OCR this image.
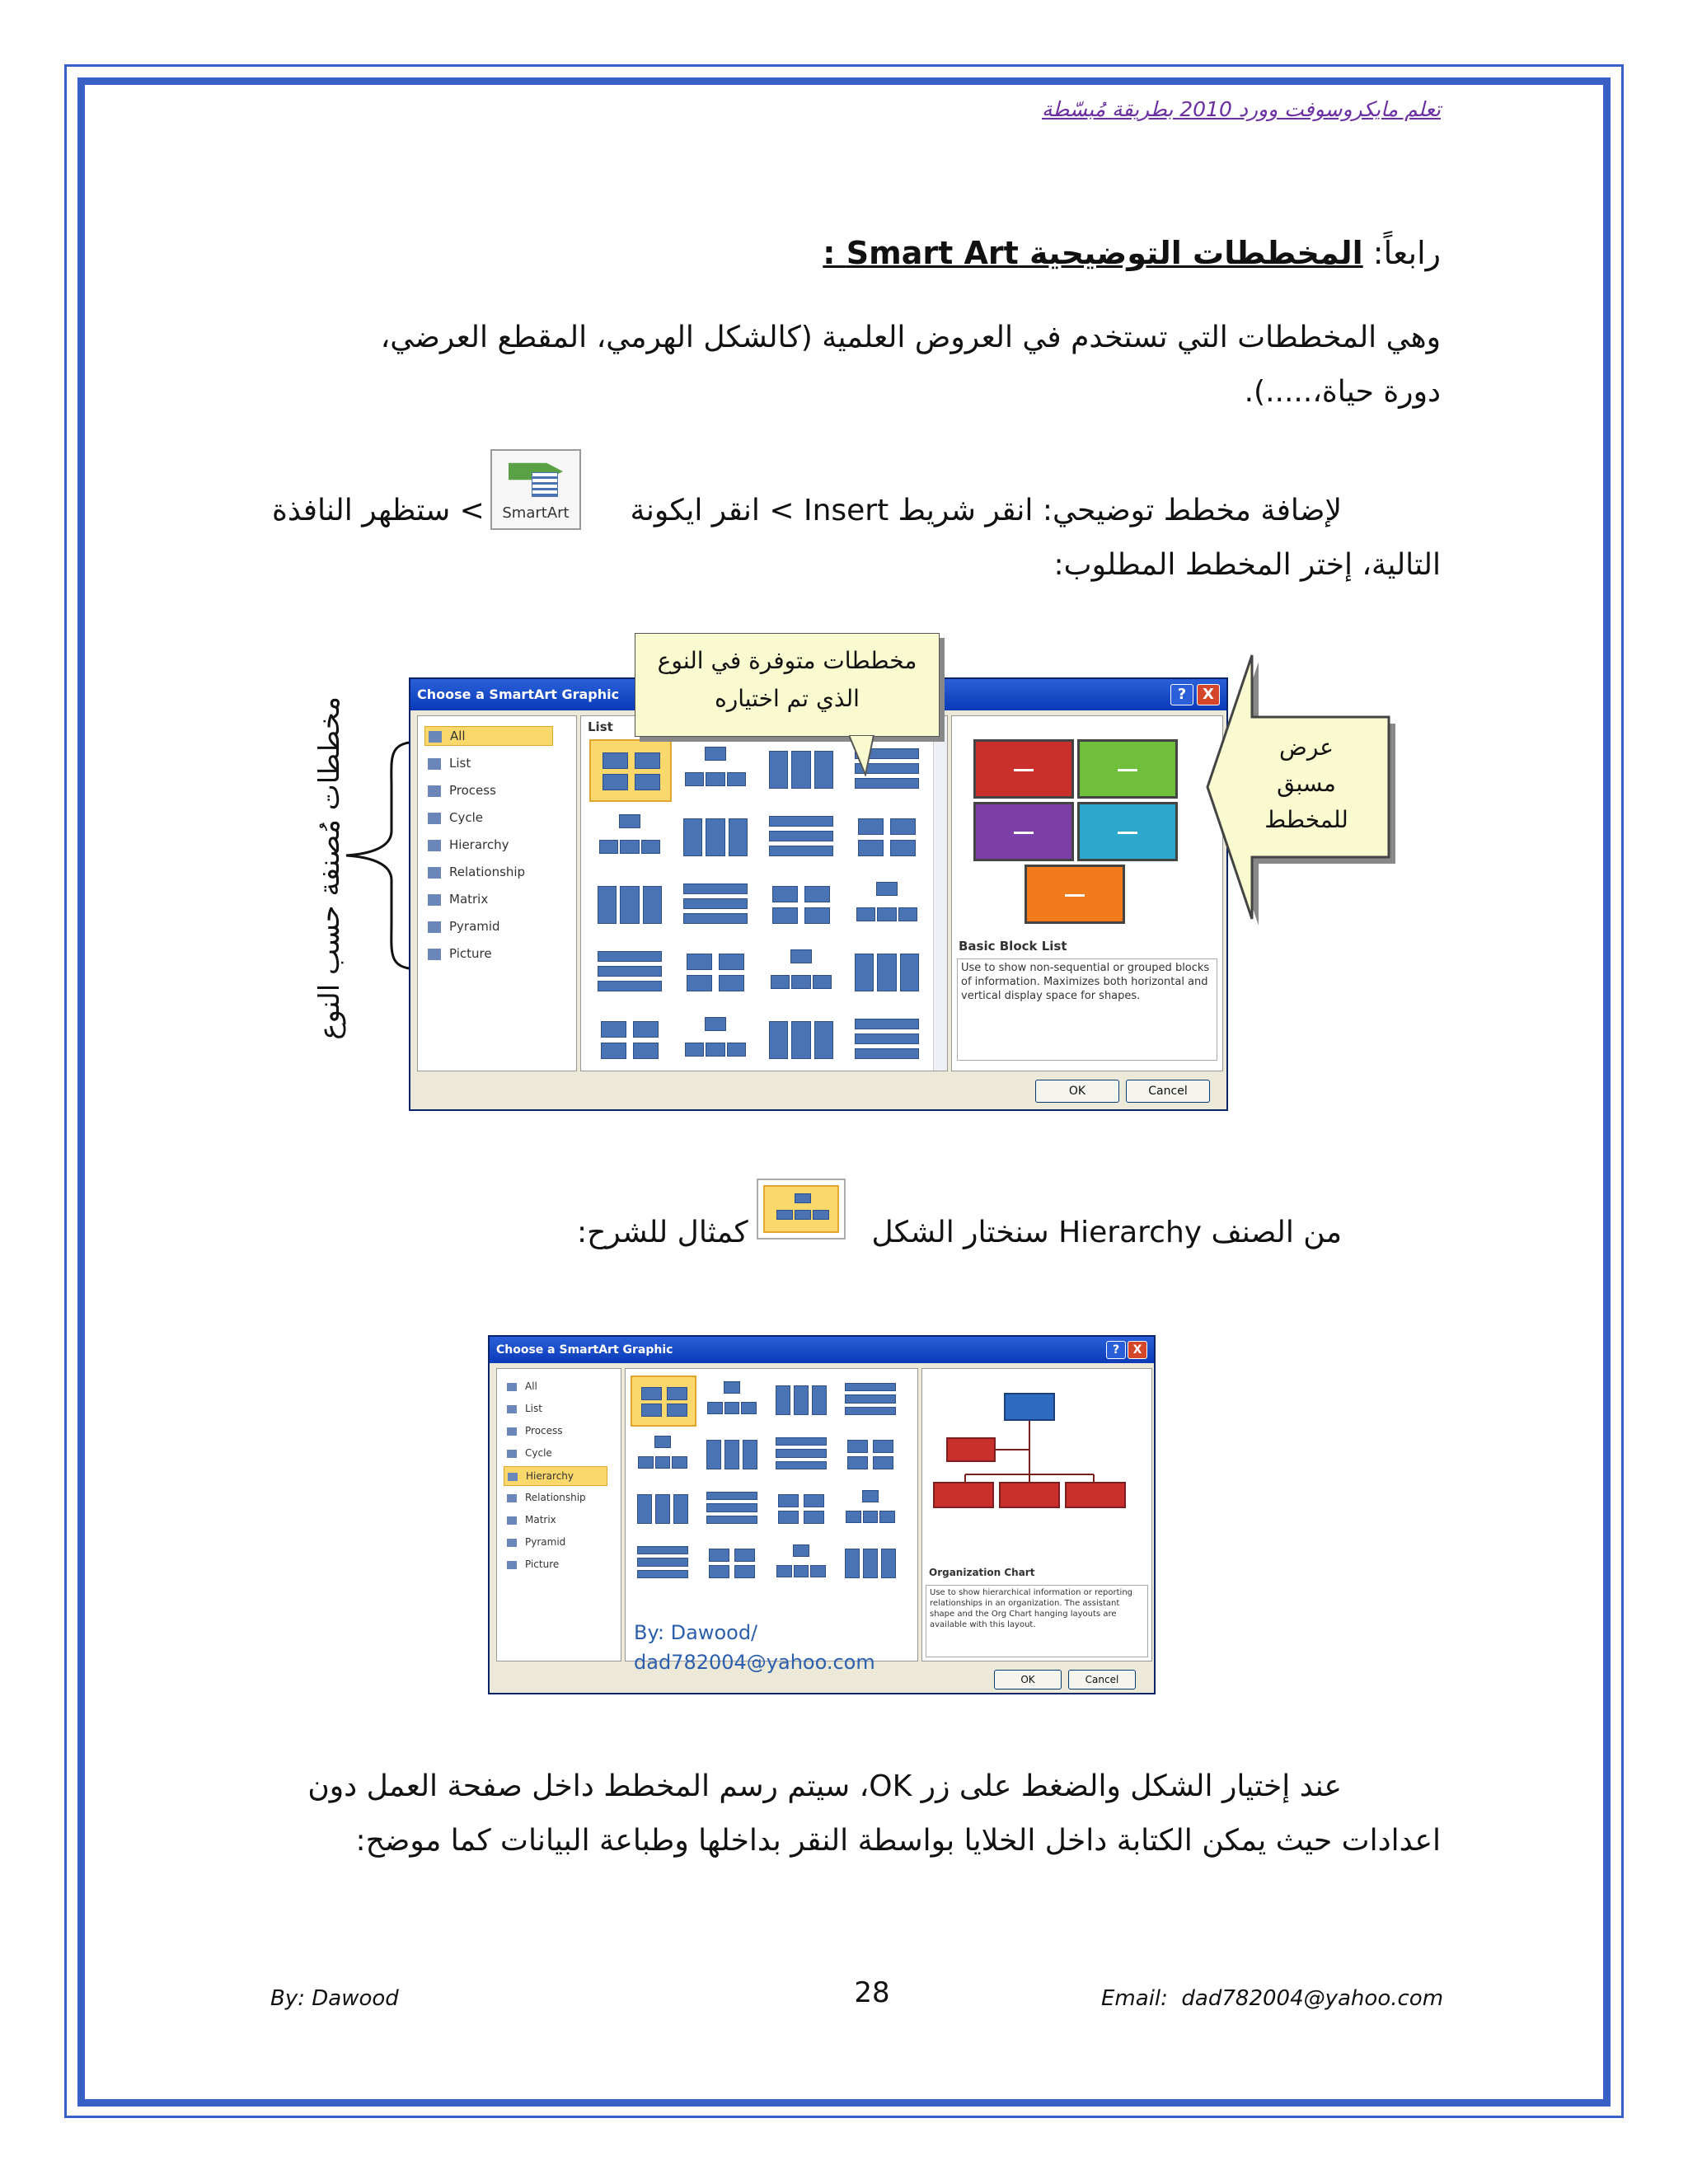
تعلم مايكروسوفت وورد 2010 بطريقة مُبسّطة
رابعاً: المخططات التوضيحية Smart Art :
وهي المخططات التي تستخدم في العروض العلمية (كالشكل الهرمي، المقطع العرضي،
دورة حياة،.....).
لإضافة مخطط توضيحي: انقر شريط Insert > انقر ايكونة
SmartArt
> ستظهر النافذة
التالية، إختر المخطط المطلوب:
مخططات مُصنفة حسب النوع
Choose a SmartArt Graphic	?	X
All
List
Process
Cycle
Hierarchy
Relationship
Matrix
Pyramid
Picture
List
Basic Block List
Use to show non-sequential or grouped blocks of information. Maximizes both horizontal and vertical display space for shapes.
OK	Cancel
مخططات متوفرة في النوع الذي تم اختياره
عرض مسبق للمخطط
من الصنف Hierarchy سنختار الشكل
كمثال للشرح:
Choose a SmartArt Graphic	?	X
All
List
Process
Cycle
Hierarchy
Relationship
Matrix
Pyramid
Picture
By: Dawood/
dad782004@yahoo.com
Organization Chart
Use to show hierarchical information or reporting relationships in an organization. The assistant shape and the Org Chart hanging layouts are available with this layout.
OK	Cancel
عند إختيار الشكل والضغط على زر OK، سيتم رسم المخطط داخل صفحة العمل دون
اعدادات حيث يمكن الكتابة داخل الخلايا بواسطة النقر بداخلها وطباعة البيانات كما موضح:
By: Dawood	28	Email:  dad782004@yahoo.com
